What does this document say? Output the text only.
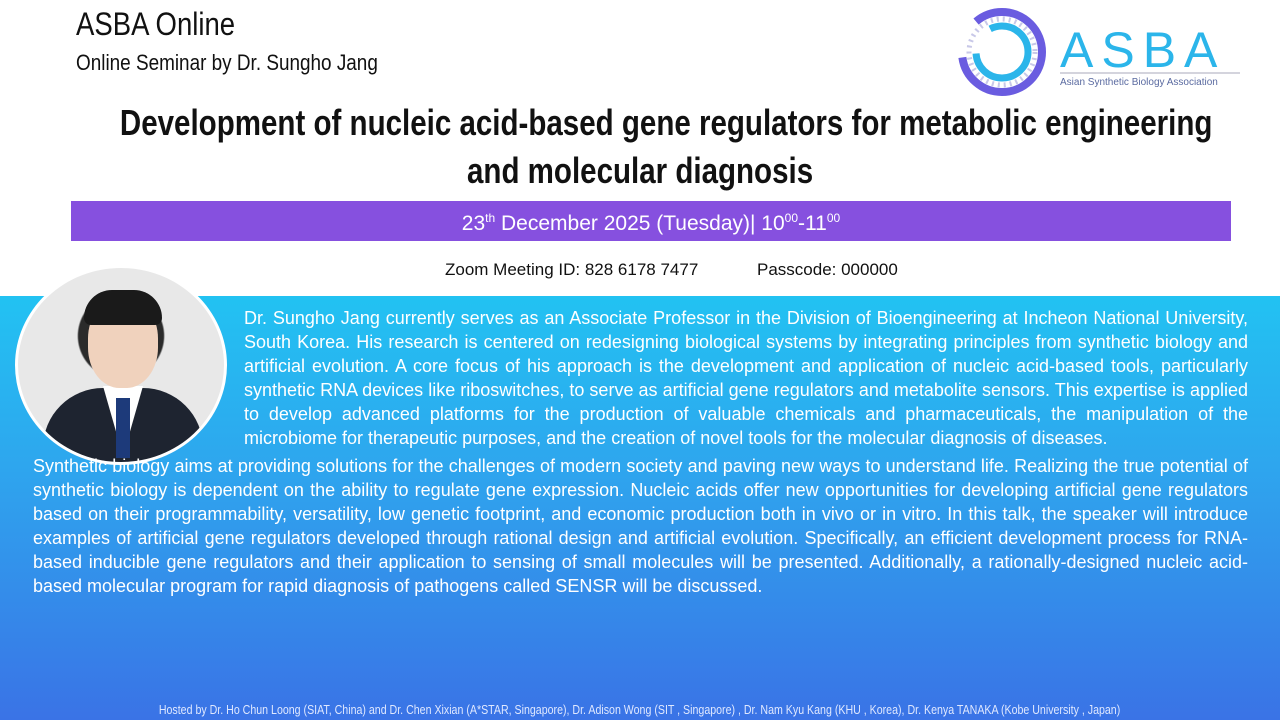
ASBA Online
Online Seminar by Dr. Sungho Jang	ASBA
Asian Synthetic Biology Association
Development of nucleic acid-based gene regulators for metabolic engineering
and molecular diagnosis
23th December 2025 (Tuesday)| $10^{00}-11^{00}$
Zoom Meeting ID: 828 6178 7477	Passcode: 000000
Dr. Sungho Jang currently serves as an Associate Professor in the Division of Bioengineering at Incheon National University, South Korea. His research is centered on redesigning biological systems by integrating principles from synthetic biology and artificial evolution. A core focus of his approach is the development and application of nucleic acid-based tools, particularly synthetic RNA devices like riboswitches, to serve as artificial gene regulators and metabolite sensors. This expertise is applied to develop advanced platforms for the production of valuable chemicals and pharmaceuticals, the manipulation of the microbiome for therapeutic purposes, and the creation of novel tools for the molecular diagnosis of diseases.
Synthetic biology aims at providing solutions for the challenges of modern society and paving new ways to understand life. Realizing the true potential of synthetic biology is dependent on the ability to regulate gene expression. Nucleic acids offer new opportunities for developing artificial gene regulators based on their programmability, versatility, low genetic footprint, and economic production both in vivo or in vitro. In this talk, the speaker will introduce examples of artificial gene regulators developed through rational design and artificial evolution. Specifically, an efficient development process for RNA-based inducible gene regulators and their application to sensing of small molecules will be presented. Additionally, a rationally-designed nucleic acid-based molecular program for rapid diagnosis of pathogens called SENSR will be discussed.
Hosted by Dr. Ho Chun Loong (SIAT, China) and Dr. Chen Xixian (A*STAR, Singapore), Dr. Adison Wong (SIT , Singapore) , Dr. Nam Kyu Kang (KHU , Korea), Dr. Kenya TANAKA (Kobe University , Japan)
